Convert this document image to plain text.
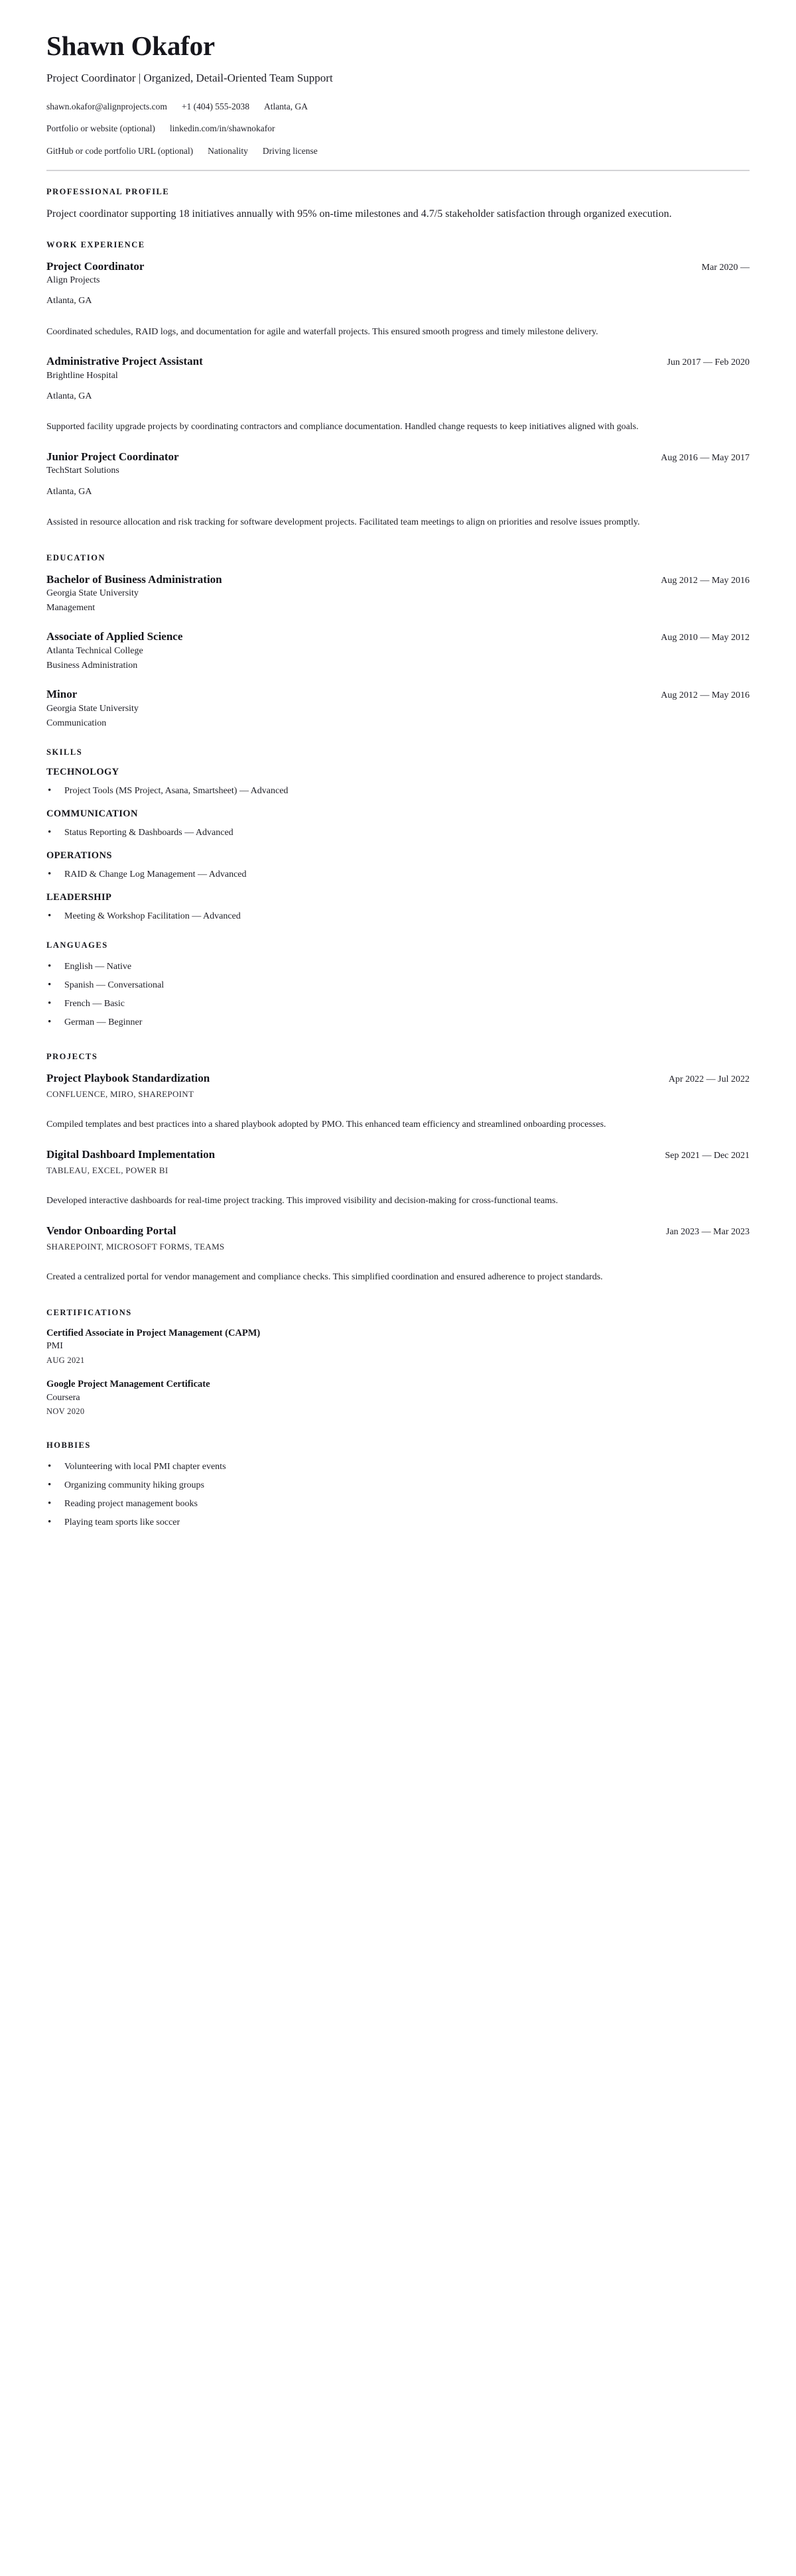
Shawn Okafor
Project Coordinator | Organized, Detail-Oriented Team Support
shawn.okafor@alignprojects.com +1 (404) 555-2038 Atlanta, GA
Portfolio or website (optional) linkedin.com/in/shawnokafor
GitHub or code portfolio URL (optional) Nationality Driving license
PROFESSIONAL PROFILE

Project coordinator supporting 18 initiatives annually with 95% on-time milestones and 4.7/5 stakeholder satisfaction through organized execution.

WORK EXPERIENCE
Project Coordinator	Mar 2020 —
Align Projects
Atlanta, GA

Coordinated schedules, RAID logs, and documentation for agile and waterfall projects. This ensured smooth progress and timely milestone delivery.

Administrative Project Assistant	Jun 2017 — Feb 2020
Brightline Hospital
Atlanta, GA

Supported facility upgrade projects by coordinating contractors and compliance documentation. Handled change requests to keep initiatives aligned with goals.

Junior Project Coordinator	Aug 2016 — May 2017
TechStart Solutions
Atlanta, GA

Assisted in resource allocation and risk tracking for software development projects. Facilitated team meetings to align on priorities and resolve issues promptly.

EDUCATION
Bachelor of Business Administration	Aug 2012 — May 2016
Georgia State University
Management
Associate of Applied Science	Aug 2010 — May 2012
Atlanta Technical College
Business Administration
Minor	Aug 2012 — May 2016
Georgia State University
Communication
SKILLS
TECHNOLOGY
• Project Tools (MS Project, Asana, Smartsheet) — Advanced
COMMUNICATION
• Status Reporting & Dashboards — Advanced
OPERATIONS
• RAID & Change Log Management — Advanced
LEADERSHIP
• Meeting & Workshop Facilitation — Advanced
LANGUAGES
• English — Native
• Spanish — Conversational
• French — Basic
• German — Beginner
PROJECTS
Project Playbook Standardization	Apr 2022 — Jul 2022
CONFLUENCE, MIRO, SHAREPOINT

Compiled templates and best practices into a shared playbook adopted by PMO. This enhanced team efficiency and streamlined onboarding processes.

Digital Dashboard Implementation	Sep 2021 — Dec 2021
TABLEAU, EXCEL, POWER BI

Developed interactive dashboards for real-time project tracking. This improved visibility and decision-making for cross-functional teams.

Vendor Onboarding Portal	Jan 2023 — Mar 2023
SHAREPOINT, MICROSOFT FORMS, TEAMS

Created a centralized portal for vendor management and compliance checks. This simplified coordination and ensured adherence to project standards.

CERTIFICATIONS
Certified Associate in Project Management (CAPM)
PMI
AUG 2021
Google Project Management Certificate
Coursera
NOV 2020
HOBBIES
• Volunteering with local PMI chapter events
• Organizing community hiking groups
• Reading project management books
• Playing team sports like soccer
